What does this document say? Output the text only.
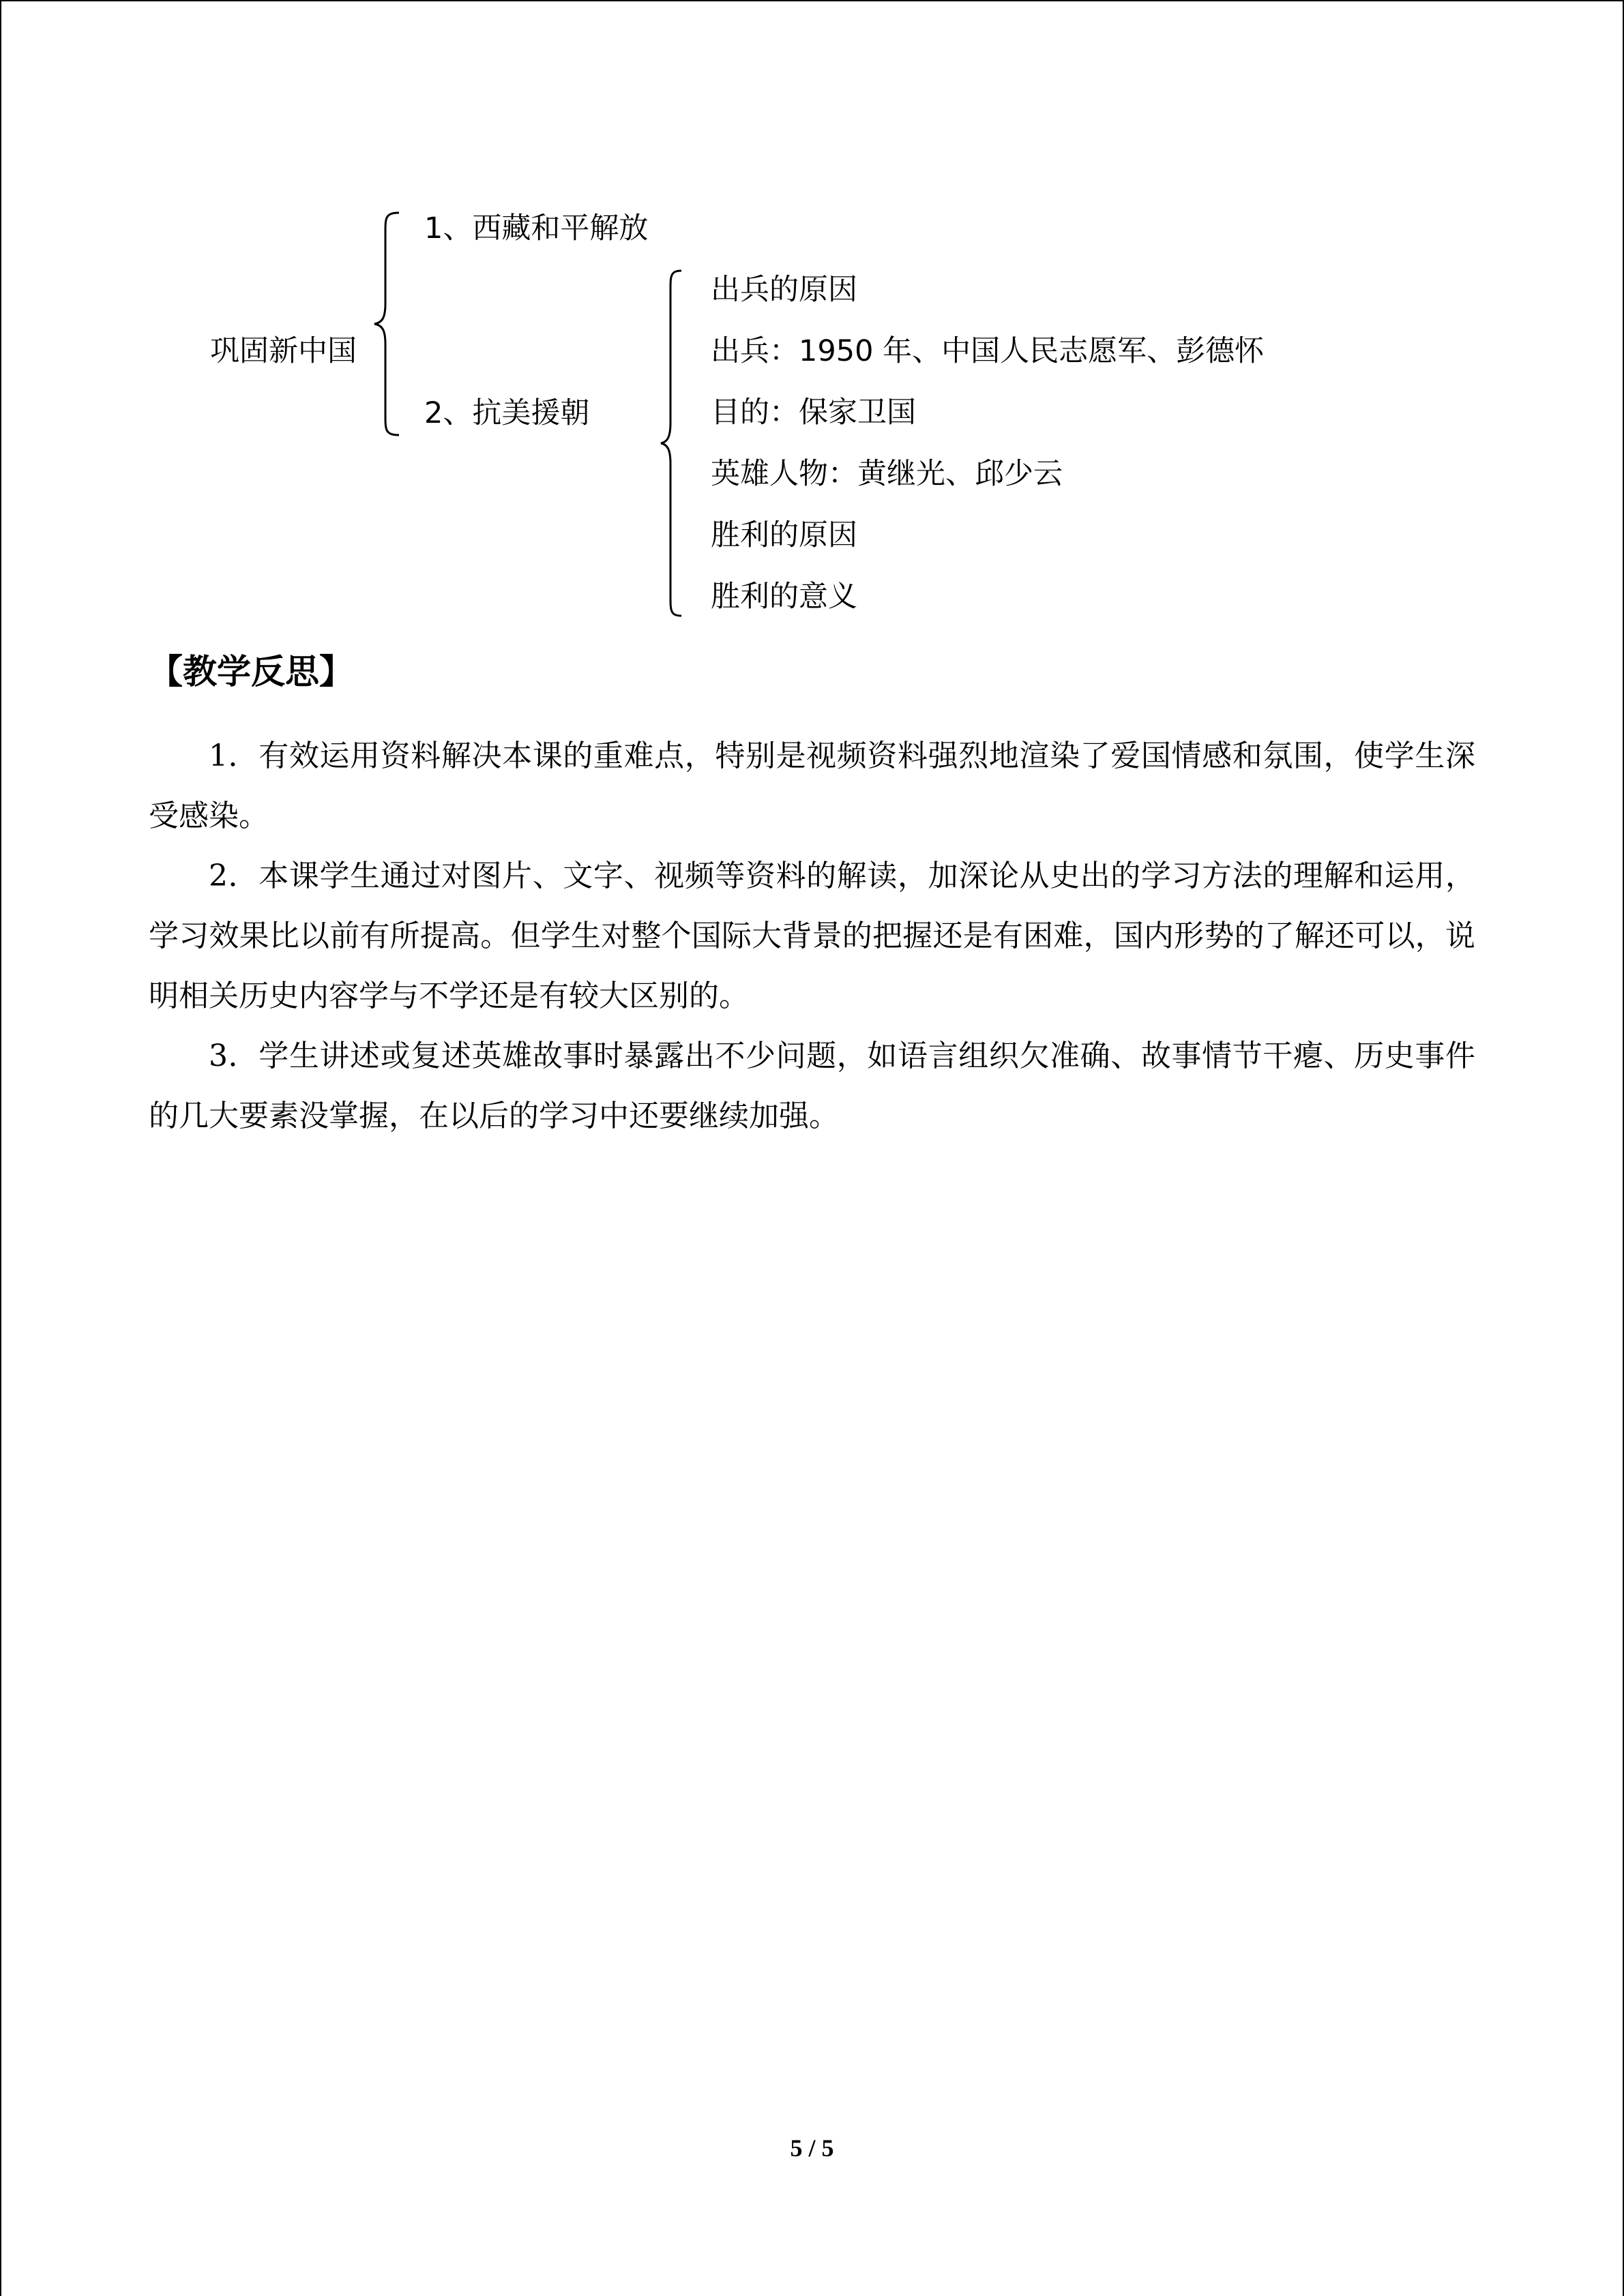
巩固新中国
1、西藏和平解放
2、抗美援朝
出兵的原因
出兵：1950 年、中国人民志愿军、彭德怀
目的：保家卫国
英雄人物：黄继光、邱少云
胜利的原因
胜利的意义
【教学反思】

1．有效运用资料解决本课的重难点，特别是视频资料强烈地渲染了爱国情感和氛围，使学生深受感染。

2．本课学生通过对图片、文字、视频等资料的解读，加深论从史出的学习方法的理解和运用，学习效果比以前有所提高。但学生对整个国际大背景的把握还是有困难，国内形势的了解还可以，说明相关历史内容学与不学还是有较大区别的。

3．学生讲述或复述英雄故事时暴露出不少问题，如语言组织欠准确、故事情节干瘪、历史事件的几大要素没掌握，在以后的学习中还要继续加强。

5 / 5
